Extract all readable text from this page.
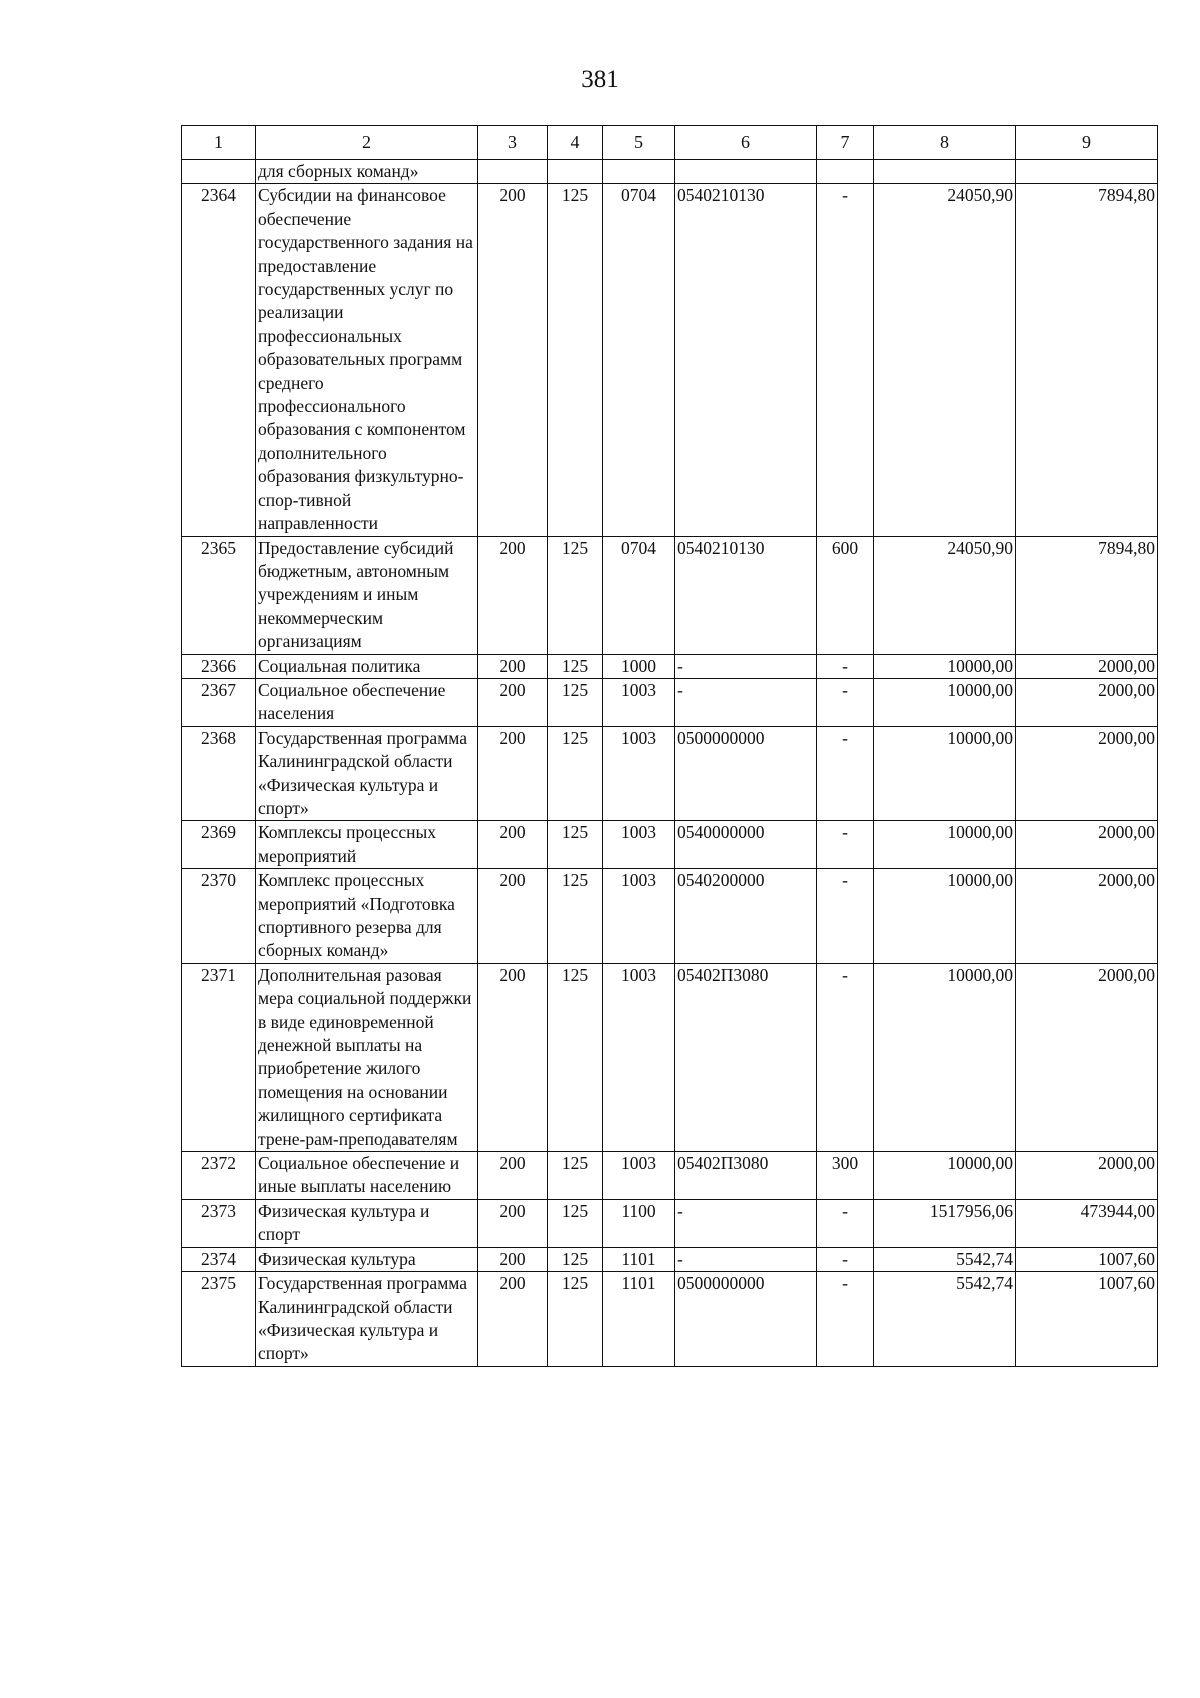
381
1	2	3	4	5	6	7	8	9
	для сборных команд»							
2364	Субсидии на финансовое обеспечение государственного задания на предоставление государственных услуг по реализации профессиональных образовательных программ среднего профессионального образования с компонентом дополнительного образования физкультурно-спор-тивной направленности	200	125	0704	0540210130	-	24050,90	7894,80
2365	Предоставление субсидий бюджетным, автономным учреждениям и иным некоммерческим организациям	200	125	0704	0540210130	600	24050,90	7894,80
2366	Социальная политика	200	125	1000	-	-	10000,00	2000,00
2367	Социальное обеспечение населения	200	125	1003	-	-	10000,00	2000,00
2368	Государственная программа Калининградской области «Физическая культура и спорт»	200	125	1003	0500000000	-	10000,00	2000,00
2369	Комплексы процессных мероприятий	200	125	1003	0540000000	-	10000,00	2000,00
2370	Комплекс процессных мероприятий «Подготовка спортивного резерва для сборных команд»	200	125	1003	0540200000	-	10000,00	2000,00
2371	Дополнительная разовая мера социальной поддержки в виде единовременной денежной выплаты на приобретение жилого помещения на основании жилищного сертификата трене-рам-преподавателям	200	125	1003	05402П3080	-	10000,00	2000,00
2372	Социальное обеспечение и иные выплаты населению	200	125	1003	05402П3080	300	10000,00	2000,00
2373	Физическая культура и спорт	200	125	1100	-	-	1517956,06	473944,00
2374	Физическая культура	200	125	1101	-	-	5542,74	1007,60
2375	Государственная программа Калининградской области «Физическая культура и спорт»	200	125	1101	0500000000	-	5542,74	1007,60
